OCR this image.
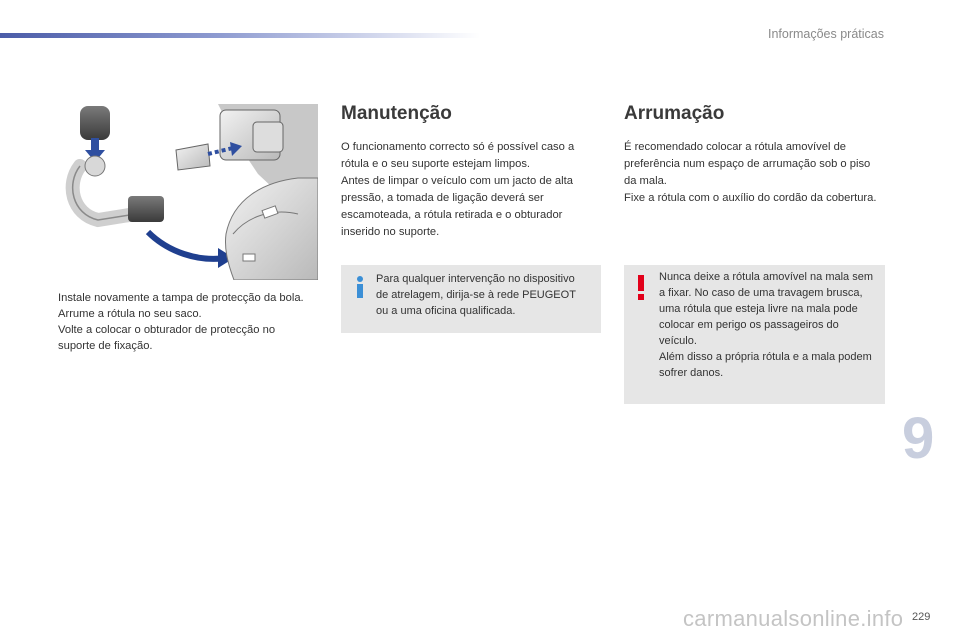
Informações práticas

Instale novamente a tampa de protecção da bola.

Arrume a rótula no seu saco.

Volte a colocar o obturador de protecção no suporte de fixação.

Manutenção

O funcionamento correcto só é possível caso a rótula e o seu suporte estejam limpos.

Antes de limpar o veículo com um jacto de alta pressão, a tomada de ligação deverá ser escamoteada, a rótula retirada e o obturador inserido no suporte.

Para qualquer intervenção no dispositivo de atrelagem, dirija-se à rede PEUGEOT ou a uma oficina qualificada.
Arrumação

É recomendado colocar a rótula amovível de preferência num espaço de arrumação sob o piso da mala.

Fixe a rótula com o auxílio do cordão da cobertura.

Nunca deixe a rótula amovível na mala sem a fixar. No caso de uma travagem brusca, uma rótula que esteja livre na mala pode colocar em perigo os passageiros do veículo.
Além disso a própria rótula e a mala podem sofrer danos.
9
carmanualsonline.info 229
